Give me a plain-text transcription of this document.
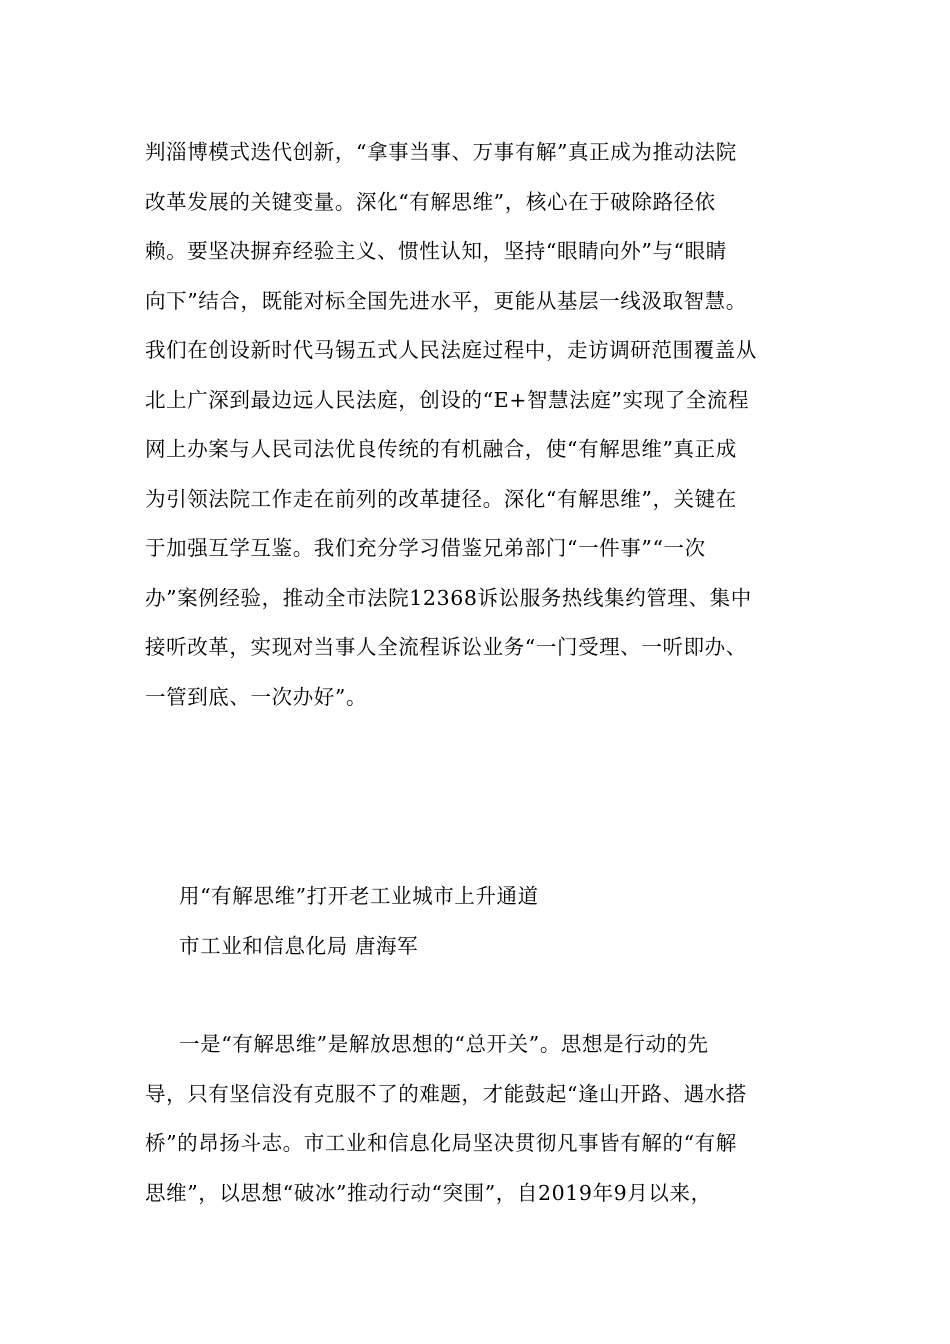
判淄博模式迭代创新，“拿事当事、万事有解”真正成为推动法院
改革发展的关键变量。深化“有解思维”，核心在于破除路径依
赖。要坚决摒弃经验主义、惯性认知，坚持“眼睛向外”与“眼睛
向下”结合，既能对标全国先进水平，更能从基层一线汲取智慧。
我们在创设新时代马锡五式人民法庭过程中，走访调研范围覆盖从
北上广深到最边远人民法庭，创设的“E+智慧法庭”实现了全流程
网上办案与人民司法优良传统的有机融合，使“有解思维”真正成
为引领法院工作走在前列的改革捷径。深化“有解思维”，关键在
于加强互学互鉴。我们充分学习借鉴兄弟部门“一件事”“一次
办”案例经验，推动全市法院12368诉讼服务热线集约管理、集中
接听改革，实现对当事人全流程诉讼业务“一门受理、一听即办、
一管到底、一次办好”。
用“有解思维”打开老工业城市上升通道
市工业和信息化局 唐海军
一是“有解思维”是解放思想的“总开关”。思想是行动的先
导，只有坚信没有克服不了的难题，才能鼓起“逢山开路、遇水搭
桥”的昂扬斗志。市工业和信息化局坚决贯彻凡事皆有解的“有解
思维”，以思想“破冰”推动行动“突围”，自2019年9月以来，
